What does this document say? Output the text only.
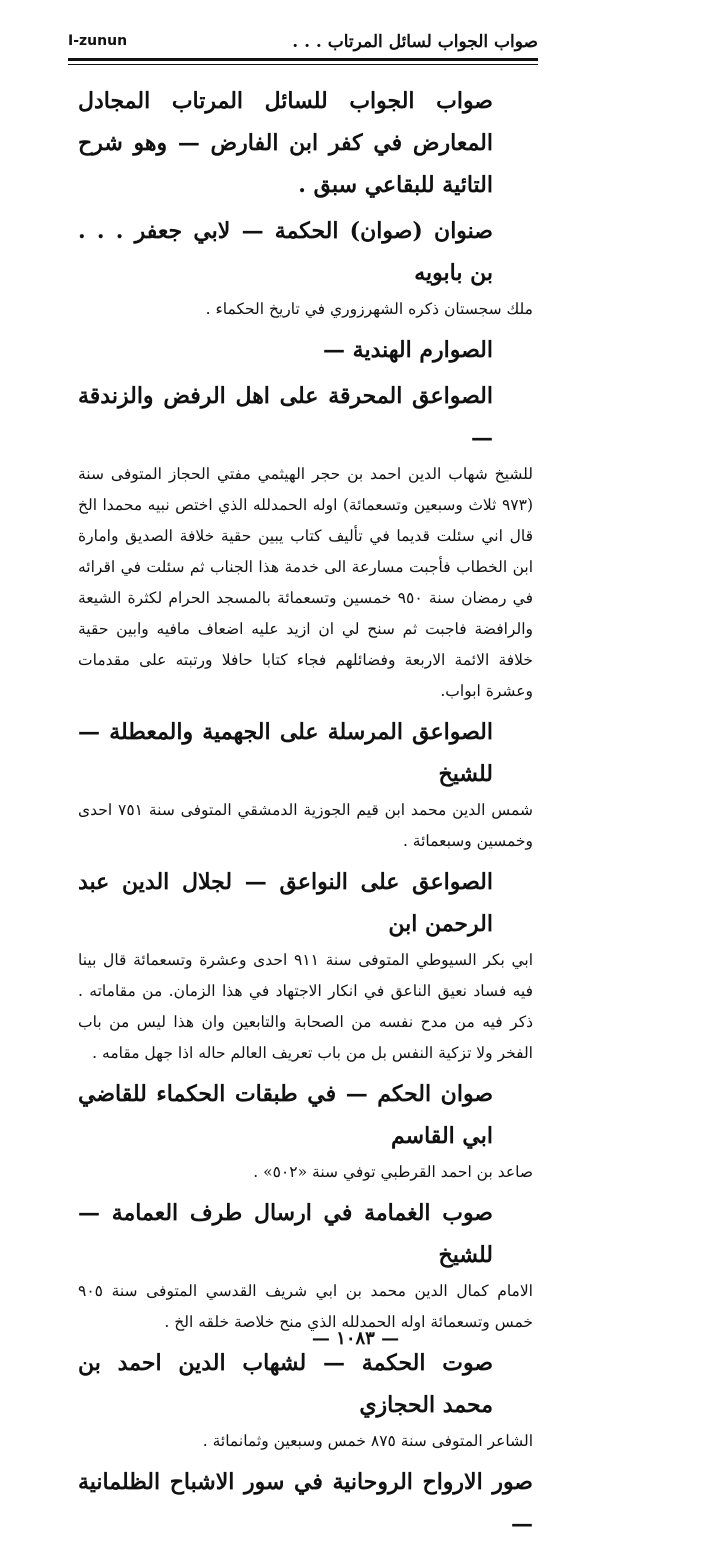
صواب الجواب لسائل المرتاب . . .
I-zunun

صواب الجواب للسائل المرتاب المجادل المعارض في كفر ابن الفارض — وهو شرح التائية للبقاعي سبق .

صنوان (صوان) الحكمة — لابي جعفر . . . بن بابويه

ملك سجستان ذكره الشهرزوري في تاريخ الحكماء .

الصوارم الهندية —

الصواعق المحرقة على اهل الرفض والزندقة —

للشيخ شهاب الدين احمد بن حجر الهيثمي مفتي الحجاز المتوفى سنة (٩٧٣ ثلاث وسبعين وتسعمائة) اوله الحمدلله الذي اختص نبيه محمدا الخ قال اني سئلت قديما في تأليف كتاب يبين حقية خلافة الصديق وامارة ابن الخطاب فأجبت مسارعة الى خدمة هذا الجناب ثم سئلت في اقرائه في رمضان سنة ٩٥٠ خمسين وتسعمائة بالمسجد الحرام لكثرة الشيعة والرافضة فاجبت ثم سنح لي ان ازيد عليه اضعاف مافيه وابين حقية خلافة الائمة الاربعة وفضائلهم فجاء كتابا حافلا ورتبته على مقدمات وعشرة ابواب.

الصواعق المرسلة على الجهمية والمعطلة — للشيخ

شمس الدين محمد ابن قيم الجوزية الدمشقي المتوفى سنة ٧٥١ احدى وخمسين وسبعمائة .

الصواعق على النواعق — لجلال الدين عبد الرحمن ابن

ابي بكر السيوطي المتوفى سنة ٩١١ احدى وعشرة وتسعمائة قال بينا فيه فساد نعيق الناعق في انكار الاجتهاد في هذا الزمان. من مقاماته . ذكر فيه من مدح نفسه من الصحابة والتابعين وان هذا ليس من باب الفخر ولا تزكية النفس بل من باب تعريف العالم حاله اذا جهل مقامه .

صوان الحكم — في طبقات الحكماء للقاضي ابي القاسم

صاعد بن احمد القرطبي توفي سنة «٥٠٢» .

صوب الغمامة في ارسال طرف العمامة — للشيخ

الامام كمال الدين محمد بن ابي شريف القدسي المتوفى سنة ٩٠٥ خمس وتسعمائة اوله الحمدلله الذي منح خلاصة خلقه الخ .

صوت الحكمة — لشهاب الدين احمد بن محمد الحجازي

الشاعر المتوفى سنة ٨٧٥ خمس وسبعين وثمانمائة .

صور الارواح الروحانية في سور الاشباح الظلمانية —

— ١٠٨٣ —
